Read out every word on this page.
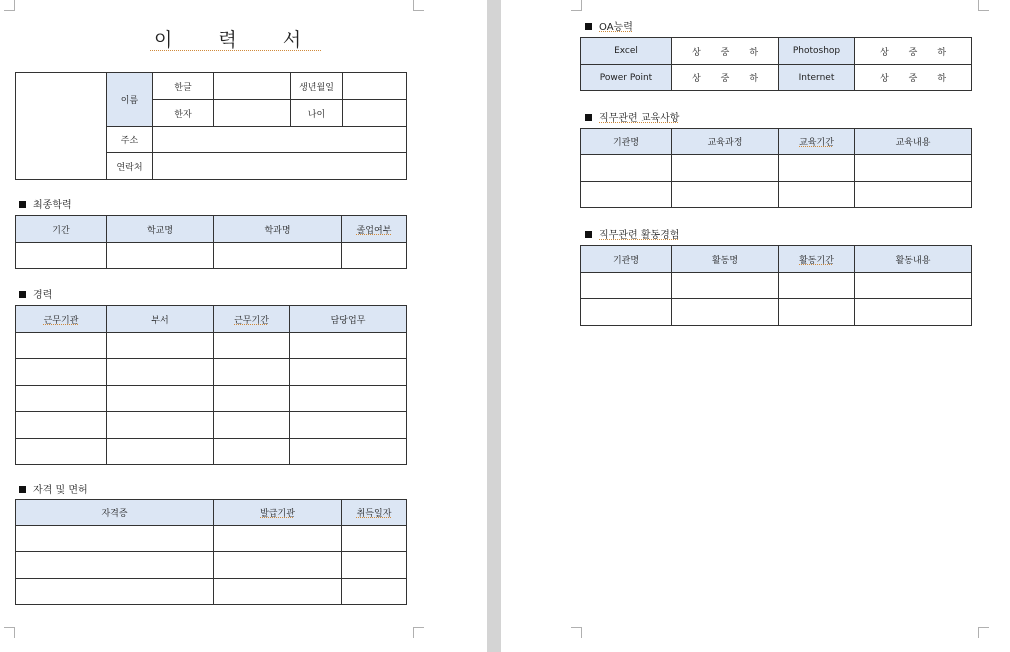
이 력 서
	이름	한글		생년월일	
		한자		나이	
	주소				
	연락처				
최종학력
기간	학교명	학과명	졸업여부

경력
근무기관	부서	근무기간	담당업무

자격 및 면허
자격증	발급기관	취득일자

OA능력
Excel	상 중 하	Photoshop	상 중 하
Power Point	상 중 하	Internet	상 중 하
직무관련 교육사항
기관명	교육과정	교육기간	교육내용

직무관련 활동경험
기관명	활동명	활동기간	활동내용
